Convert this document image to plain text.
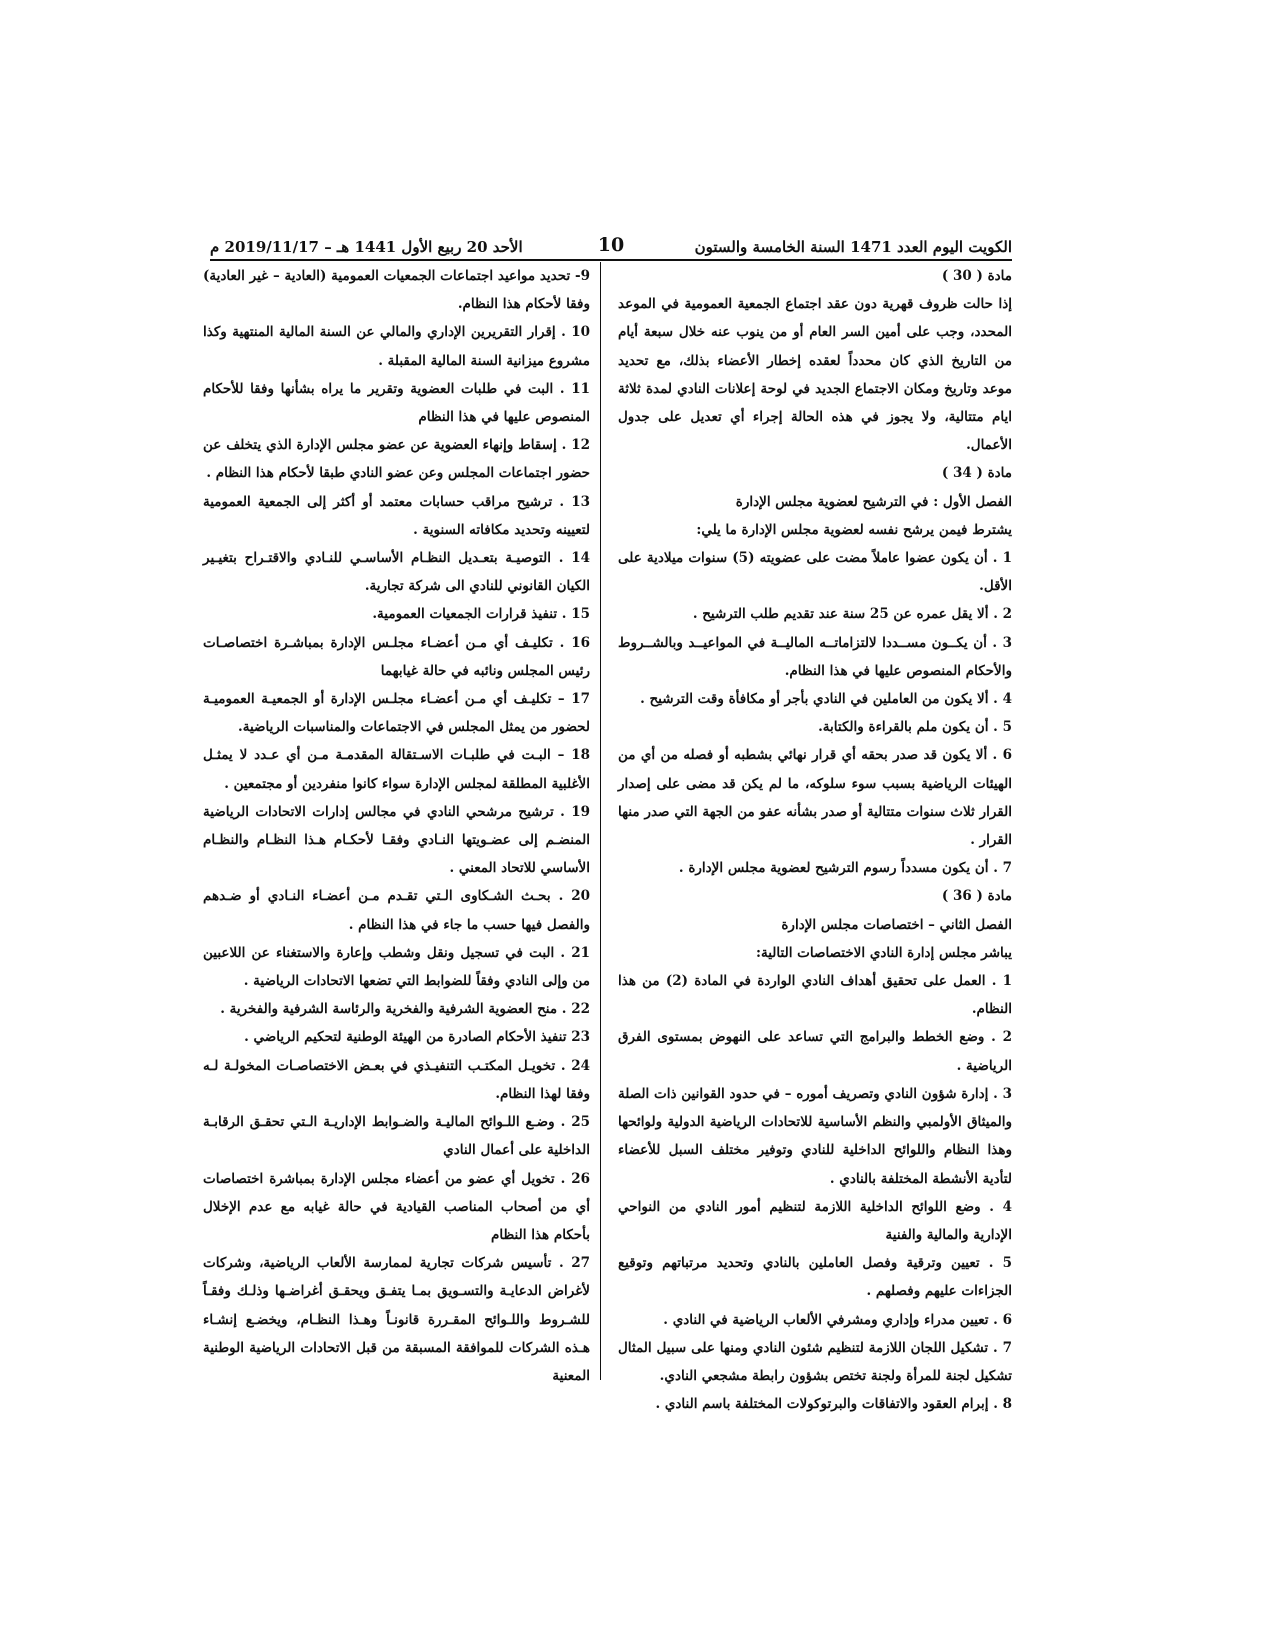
الكويت اليوم العدد 1471 السنة الخامسة والستون
10
الأحد 20 ربيع الأول 1441 هـ – 2019/11/17 م

مادة ( 30 )

إذا حالت ظروف قهرية دون عقد اجتماع الجمعية العمومية في الموعد المحدد، وجب على أمين السر العام أو من ينوب عنه خلال سبعة أيام من التاريخ الذي كان محدداً لعقده إخطار الأعضاء بذلك، مع تحديد موعد وتاريخ ومكان الاجتماع الجديد في لوحة إعلانات النادي لمدة ثلاثة ايام متتالية، ولا يجوز في هذه الحالة إجراء أي تعديل على جدول الأعمال.

مادة ( 34 )

الفصل الأول : في الترشيح لعضوية مجلس الإدارة

يشترط فيمن يرشح نفسه لعضوية مجلس الإدارة ما يلي:

1 . أن يكون عضوا عاملاً مضت على عضويته (5) سنوات ميلادية على الأقل.

2 . ألا يقل عمره عن 25 سنة عند تقديم طلب الترشيح .

3 . أن يكــون مســددا لالتزاماتــه الماليــة في المواعيــد وبالشــروط والأحكام المنصوص عليها في هذا النظام.

4 . ألا يكون من العاملين في النادي بأجر أو مكافأة وقت الترشيح .

5 . أن يكون ملم بالقراءة والكتابة.

6 . ألا يكون قد صدر بحقه أي قرار نهائي بشطبه أو فصله من أي من الهيئات الرياضية بسبب سوء سلوكه، ما لم يكن قد مضى على إصدار القرار ثلاث سنوات متتالية أو صدر بشأنه عفو من الجهة التي صدر منها القرار .

7 . أن يكون مسدداً رسوم الترشيح لعضوية مجلس الإدارة .

مادة ( 36 )

الفصل الثاني – اختصاصات مجلس الإدارة

يباشر مجلس إدارة النادي الاختصاصات التالية:

1 . العمل على تحقيق أهداف النادي الواردة في المادة (2) من هذا النظام.

2 . وضع الخطط والبرامج التي تساعد على النهوض بمستوى الفرق الرياضية .

3 . إدارة شؤون النادي وتصريف أموره – في حدود القوانين ذات الصلة والميثاق الأولمبي والنظم الأساسية للاتحادات الرياضية الدولية ولوائحها وهذا النظام واللوائح الداخلية للنادي وتوفير مختلف السبل للأعضاء لتأدية الأنشطة المختلفة بالنادي .

4 . وضع اللوائح الداخلية اللازمة لتنظيم أمور النادي من النواحي الإدارية والمالية والفنية

5 . تعيين وترقية وفصل العاملين بالنادي وتحديد مرتباتهم وتوقيع الجزاءات عليهم وفصلهم .

6 . تعيين مدراء وإداري ومشرفي الألعاب الرياضية في النادي .

7 . تشكيل اللجان اللازمة لتنظيم شئون النادي ومنها على سبيل المثال تشكيل لجنة للمرأة ولجنة تختص بشؤون رابطة مشجعي النادي.

8 . إبرام العقود والاتفاقات والبرتوكولات المختلفة باسم النادي .

9- تحديد مواعيد اجتماعات الجمعيات العمومية (العادية – غير العادية) وفقا لأحكام هذا النظام.

10 . إقرار التقريرين الإداري والمالي عن السنة المالية المنتهية وكذا مشروع ميزانية السنة المالية المقبلة .

11 . البت في طلبات العضوية وتقرير ما يراه بشأنها وفقا للأحكام المنصوص عليها في هذا النظام

12 . إسقاط وإنهاء العضوية عن عضو مجلس الإدارة الذي يتخلف عن حضور اجتماعات المجلس وعن عضو النادي طبقا لأحكام هذا النظام .

13 . ترشيح مراقب حسابات معتمد أو أكثر إلى الجمعية العمومية لتعيينه وتحديد مكافاته السنوية .

14 . التوصيـة بتعـديل النظـام الأساسـي للنـادي والاقتـراح بتغيـير الكيان القانوني للنادي الى شركة تجارية.

15 . تنفيذ قرارات الجمعيات العمومية.

16 . تكليـف أي مـن أعضـاء مجلـس الإدارة بمباشـرة اختصاصـات رئيس المجلس ونائبه في حالة غيابهما

17 – تكليـف أي مـن أعضـاء مجلـس الإدارة أو الجمعيـة العموميـة لحضور من يمثل المجلس في الاجتماعات والمناسبات الرياضية.

18 – البـت في طلبـات الاسـتقالة المقدمـة مـن أي عـدد لا يمثـل الأغلبية المطلقة لمجلس الإدارة سواء كانوا منفردين أو مجتمعين .

19 . ترشيح مرشحي النادي في مجالس إدارات الاتحادات الرياضية المنضـم إلى عضـويتها النـادي وفقـا لأحكـام هـذا النظـام والنظـام الأساسي للاتحاد المعني .

20 . بحـث الشـكاوى الـتي تقـدم مـن أعضـاء النـادي أو ضـدهم والفصل فيها حسب ما جاء في هذا النظام .

21 . البت في تسجيل ونقل وشطب وإعارة والاستغناء عن اللاعبين من وإلى النادي وفقاً للضوابط التي تضعها الاتحادات الرياضية .

22 . منح العضوية الشرفية والفخرية والرئاسة الشرفية والفخرية .

23 تنفيذ الأحكام الصادرة من الهيئة الوطنية لتحكيم الرياضي .

24 . تخويـل المكتـب التنفيـذي في بعـض الاختصاصـات المخولـة لـه وفقا لهذا النظام.

25 . وضـع اللـوائح الماليـة والضـوابط الإداريـة الـتي تحقـق الرقابـة الداخلية على أعمال النادي

26 . تخويل أي عضو من أعضاء مجلس الإدارة بمباشرة اختصاصات أي من أصحاب المناصب القيادية في حالة غيابه مع عدم الإخلال بأحكام هذا النظام

27 . تأسيس شركات تجارية لممارسة الألعاب الرياضية، وشركات لأغراض الدعايـة والتسـويق بمـا يتفـق ويحقـق أغراضـها وذلـك وفقـاً للشـروط واللـوائح المقـررة قانونـاً وهـذا النظـام، ويخضـع إنشـاء هـذه الشركات للموافقة المسبقة من قبل الاتحادات الرياضية الوطنية المعنية
